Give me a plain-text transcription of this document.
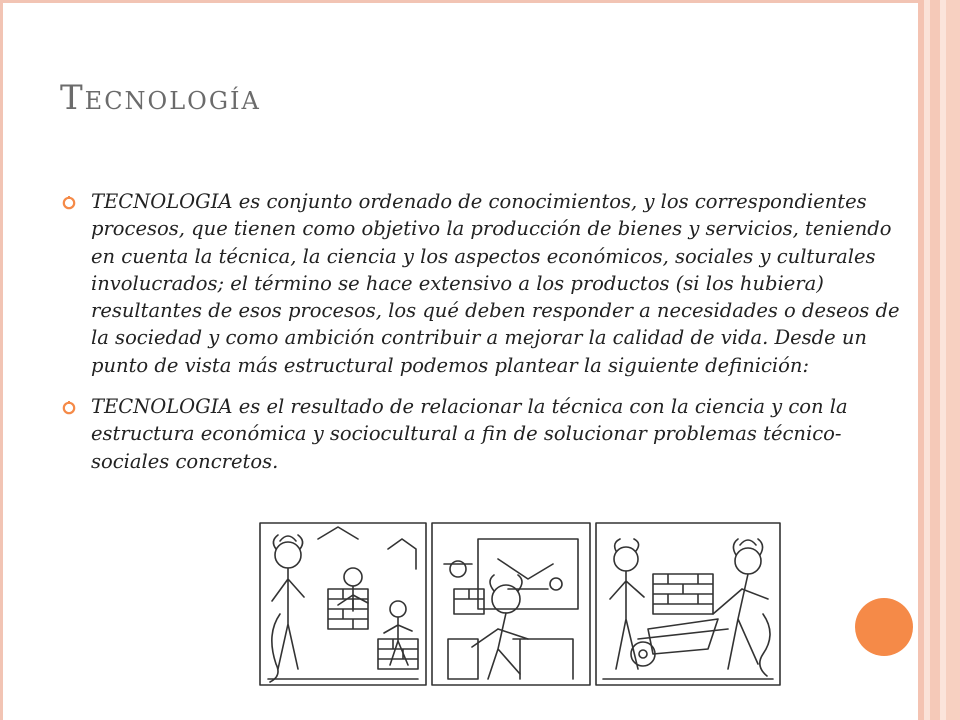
Tecnología
TECNOLOGIA es conjunto ordenado de conocimientos, y los correspondientes procesos, que tienen como objetivo la producción de bienes y servicios, teniendo en cuenta la técnica, la ciencia y los aspectos económicos, sociales y culturales involucrados; el término se hace extensivo a los productos (si los hubiera) resultantes de esos procesos, los qué deben responder a necesidades o deseos de la sociedad y como ambición contribuir a mejorar la calidad de vida. Desde un punto de vista más estructural podemos plantear la siguiente definición:
TECNOLOGIA es el resultado de relacionar la técnica con la ciencia y con la estructura económica y sociocultural a fin de solucionar problemas técnico-sociales concretos.
